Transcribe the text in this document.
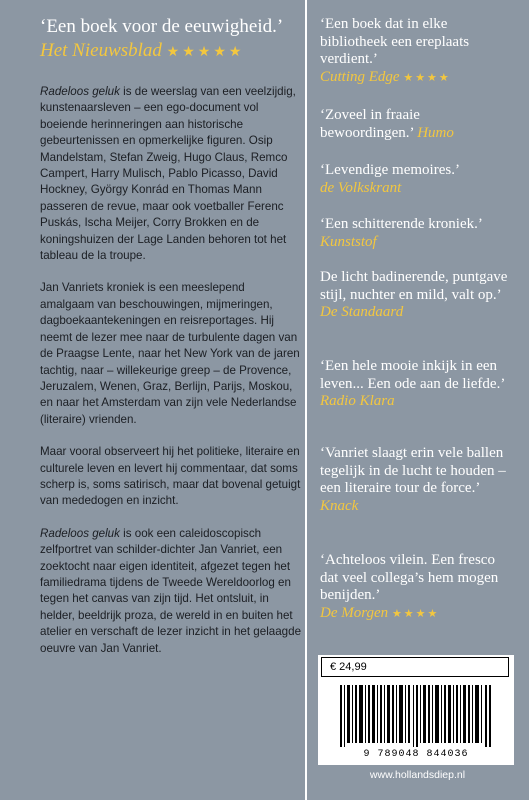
‘Een boek voor de eeuwigheid.’
Het Nieuwsblad ★★★★★

Radeloos geluk is de weerslag van een veelzijdig, kunstenaarsleven – een ego-document vol boeiende herinneringen aan historische gebeurtenissen en opmerkelijke figuren. Osip Mandelstam, Stefan Zweig, Hugo Claus, Remco Campert, Harry Mulisch, Pablo Picasso, David Hockney, György Konrád en Thomas Mann passeren de revue, maar ook voetballer Ferenc Puskás, Ischa Meijer, Corry Brokken en de koningshuizen der Lage Landen behoren tot het tableau de la troupe.

Jan Vanriets kroniek is een meeslepend amalgaam van beschouwingen, mijmeringen, dagboekaantekeningen en reisreportages. Hij neemt de lezer mee naar de turbulente dagen van de Praagse Lente, naar het New York van de jaren tachtig, naar – willekeurige greep – de Provence, Jeruzalem, Wenen, Graz, Berlijn, Parijs, Moskou, en naar het Amsterdam van zijn vele Nederlandse (literaire) vrienden.

Maar vooral observeert hij het politieke, literaire en culturele leven en levert hij commentaar, dat soms scherp is, soms satirisch, maar dat bovenal getuigt van mededogen en inzicht.

Radeloos geluk is ook een caleidoscopisch zelfportret van schilder-dichter Jan Vanriet, een zoektocht naar eigen identiteit, afgezet tegen het familiedrama tijdens de Tweede Wereldoorlog en tegen het canvas van zijn tijd. Het ontsluit, in helder, beeldrijk proza, de wereld in en buiten het atelier en verschaft de lezer inzicht in het gelaagde oeuvre van Jan Vanriet.

‘Een boek dat in elke bibliotheek een ereplaats verdient.’
Cutting Edge ★★★★
‘Zoveel in fraaie bewoordingen.’ Humo
‘Levendige memoires.’
de Volkskrant
‘Een schitterende kroniek.’ Kunststof
De licht badinerende, puntgave stijl, nuchter en mild, valt op.’
De Standaard
‘Een hele mooie inkijk in een leven... Een ode aan de liefde.’
Radio Klara
‘Vanriet slaagt erin vele ballen tegelijk in de lucht te houden – een literaire tour de force.’
Knack
‘Achteloos vilein. Een fresco dat veel collega’s hem mogen benijden.’
De Morgen ★★★★
€ 24,99
9 789048 844036
www.hollandsdiep.nl
